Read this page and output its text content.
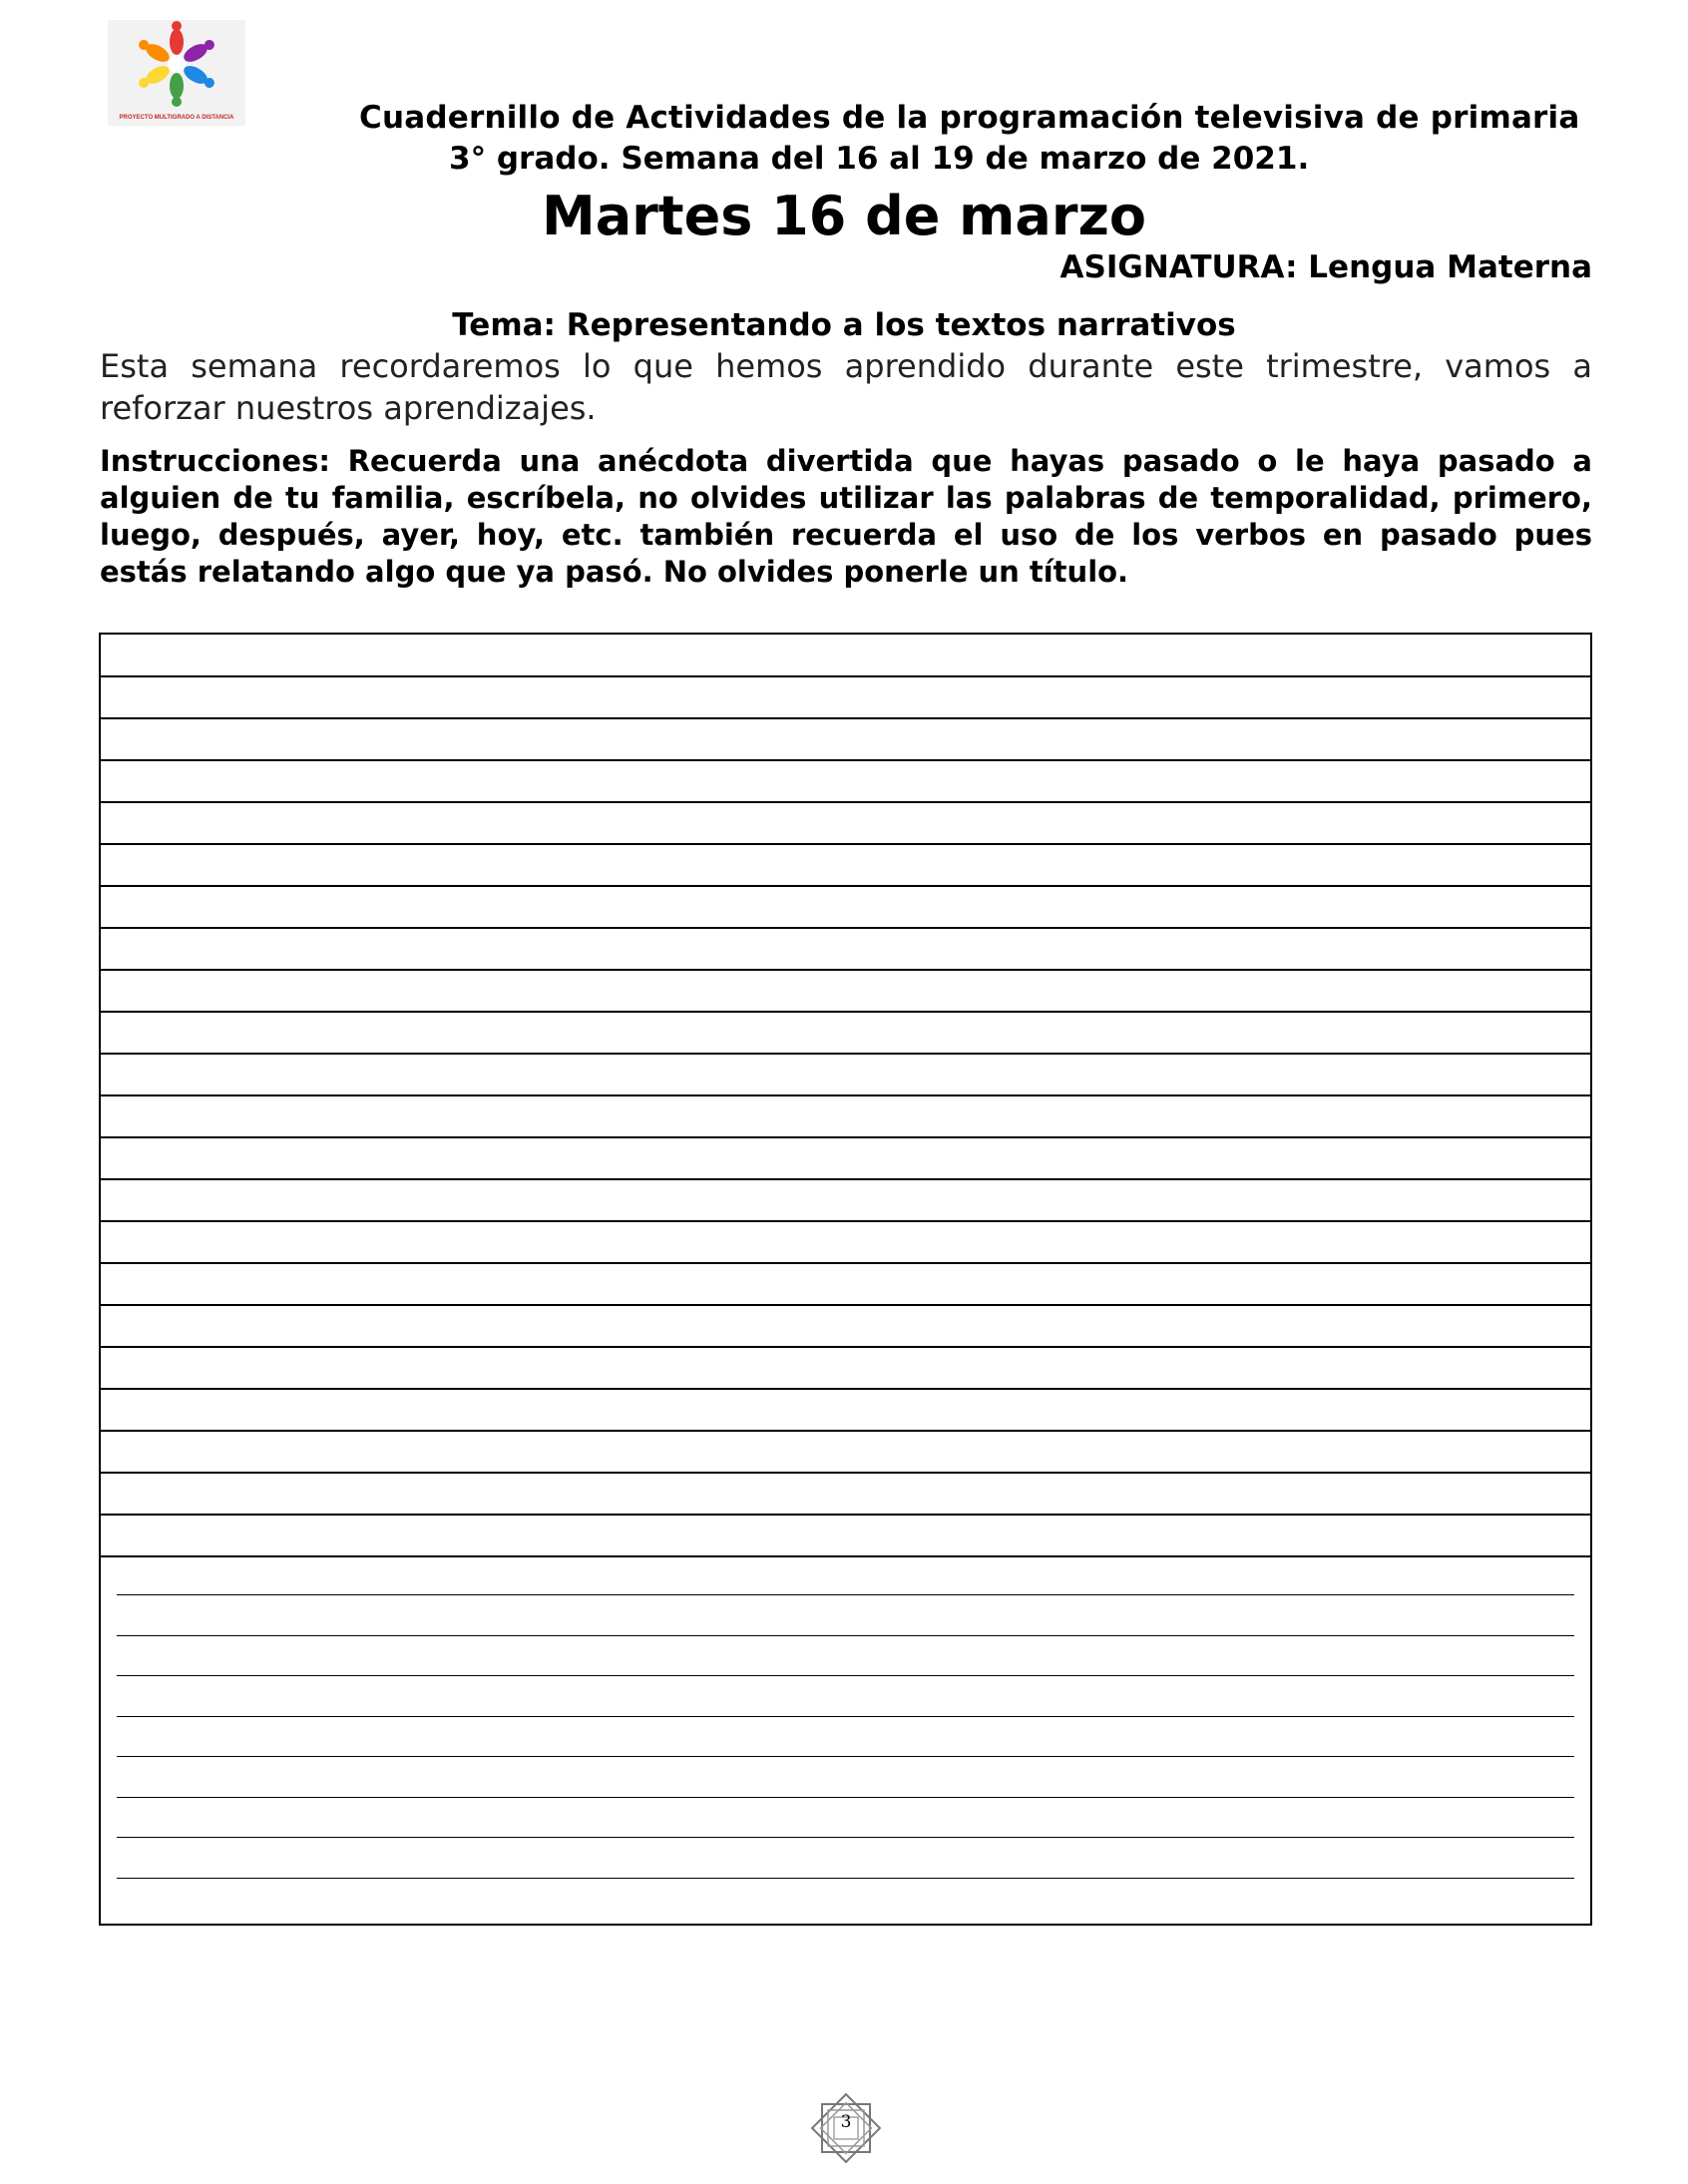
PROYECTO MULTIGRADO A DISTANCIA	Cuadernillo de Actividades de la programación televisiva de primaria
3° grado. Semana del 16 al 19 de marzo de 2021.
Martes 16 de marzo
ASIGNATURA: Lengua Materna
Tema: Representando a los textos narrativos
Esta semana recordaremos lo que hemos aprendido durante este trimestre, vamos a reforzar nuestros aprendizajes.
Instrucciones: Recuerda una anécdota divertida que hayas pasado o le haya pasado a alguien de tu familia, escríbela, no olvides utilizar las palabras de temporalidad, primero, luego, después, ayer, hoy, etc. también recuerda el uso de los verbos en pasado pues estás relatando algo que ya pasó. No olvides ponerle un título.
3
